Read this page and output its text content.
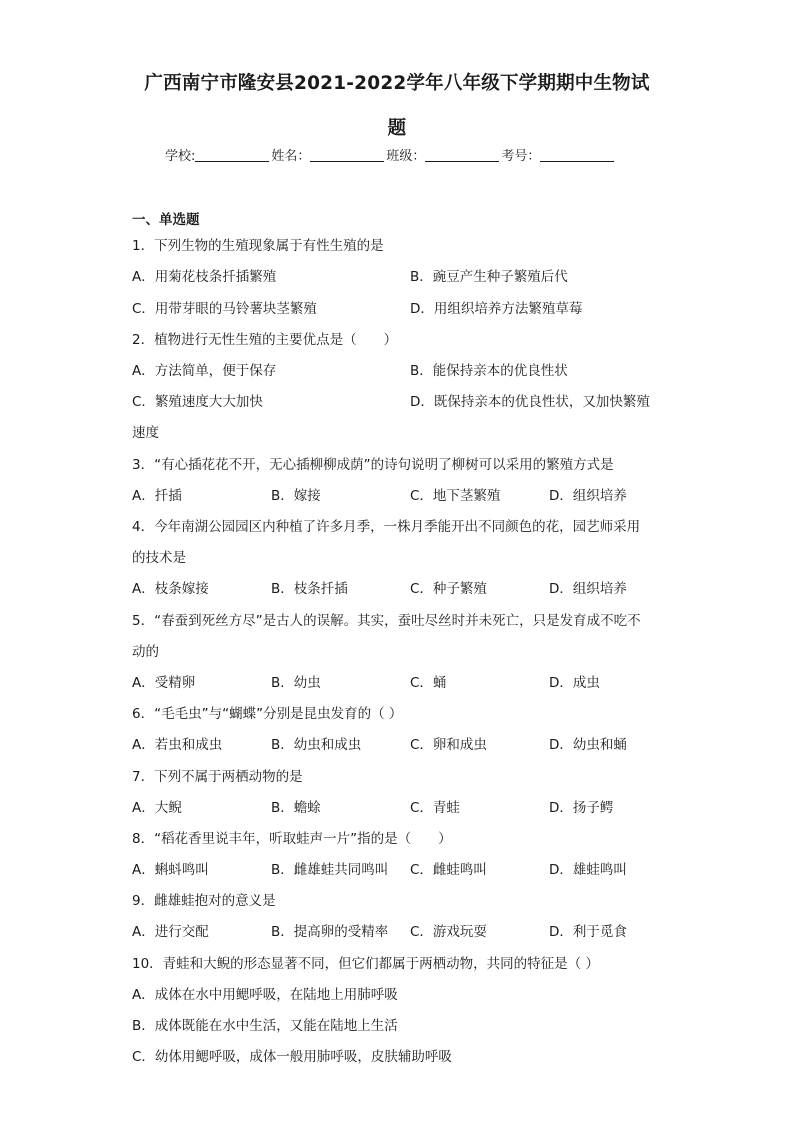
广西南宁市隆安县2021-2022学年八年级下学期期中生物试
题
学校:	姓名：	班级：	考号：
一、单选题
1．下列生物的生殖现象属于有性生殖的是
A．用菊花枝条扦插繁殖	B．豌豆产生种子繁殖后代
C．用带芽眼的马铃薯块茎繁殖	D．用组织培养方法繁殖草莓
2．植物进行无性生殖的主要优点是（　　）
A．方法简单，便于保存	B．能保持亲本的优良性状
C．繁殖速度大大加快	D．既保持亲本的优良性状，又加快繁殖
速度
3．“有心插花花不开，无心插柳柳成荫”的诗句说明了柳树可以采用的繁殖方式是
A．扦插	B．嫁接	C．地下茎繁殖	D．组织培养
4．今年南湖公园园区内种植了许多月季，一株月季能开出不同颜色的花，园艺师采用
的技术是
A．枝条嫁接	B．枝条扦插	C．种子繁殖	D．组织培养
5．“春蚕到死丝方尽”是古人的误解。其实，蚕吐尽丝时并未死亡，只是发育成不吃不
动的
A．受精卵	B．幼虫	C．蛹	D．成虫
6．“毛毛虫”与“蝴蝶”分别是昆虫发育的（ ）
A．若虫和成虫	B．幼虫和成虫	C．卵和成虫	D．幼虫和蛹
7．下列不属于两栖动物的是
A．大鲵	B．蟾蜍	C．青蛙	D．扬子鳄
8．“稻花香里说丰年，听取蛙声一片”指的是（　　）
A．蝌蚪鸣叫	B．雌雄蛙共同鸣叫 C．雌蛙鸣叫	D．雄蛙鸣叫
9．雌雄蛙抱对的意义是
A．进行交配	B．提高卵的受精率 C．游戏玩耍	D．利于觅食
10．青蛙和大鲵的形态显著不同，但它们都属于两栖动物，共同的特征是（ ）
A．成体在水中用鳃呼吸，在陆地上用肺呼吸
B．成体既能在水中生活，又能在陆地上生活
C．幼体用鳃呼吸，成体一般用肺呼吸，皮肤辅助呼吸
